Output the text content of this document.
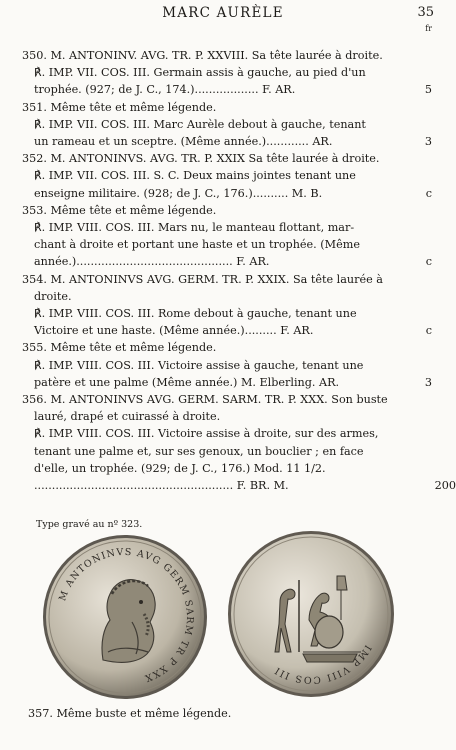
MARC AURÈLE	35
fr
350. M. ANTONINV. AVG. TR. P. XXVIII. Sa tête laurée à droite.
℟. IMP. VII. COS. III. Germain assis à gauche, au pied d'un
trophée. (927; de J. C., 174.).................. F. AR.	5
351. Même tête et même légende.
℟. IMP. VII. COS. III. Marc Aurèle debout à gauche, tenant
un rameau et un sceptre. (Même année.)............ AR.	3
352. M. ANTONINVS. AVG. TR. P. XXIX Sa tête laurée à droite.
℟. IMP. VII. COS. III. S. C. Deux mains jointes tenant une
enseigne militaire. (928; de J. C., 176.).......... M. B.	c
353. Même tête et même légende.
℟. IMP. VIII. COS. III. Mars nu, le manteau flottant, mar-
chant à droite et portant une haste et un trophée. (Même
année.)............................................ F. AR.	c
354. M. ANTONINVS AVG. GERM. TR. P. XXIX. Sa tête laurée à
droite.
℟. IMP. VIII. COS. III. Rome debout à gauche, tenant une
Victoire et une haste. (Même année.)......... F. AR.	c
355. Même tête et même légende.
℟. IMP. VIII. COS. III. Victoire assise à gauche, tenant une
patère et une palme (Même année.) M. Elberling. AR.	3
356. M. ANTONINVS AVG. GERM. SARM. TR. P. XXX. Son buste
lauré, drapé et cuirassé à droite.
℟. IMP. VIII. COS. III. Victoire assise à droite, sur des armes,
tenant une palme et, sur ses genoux, un bouclier ; en face
d'elle, un trophée. (929; de J. C., 176.) Mod. 11 1/2.
........................................................ F. BR. M.	200
Type gravé au nº 323.
M ANTONINVS AVG GERM SARM TR P XXX
IMP VIII COS III
357. Même buste et même légende.
